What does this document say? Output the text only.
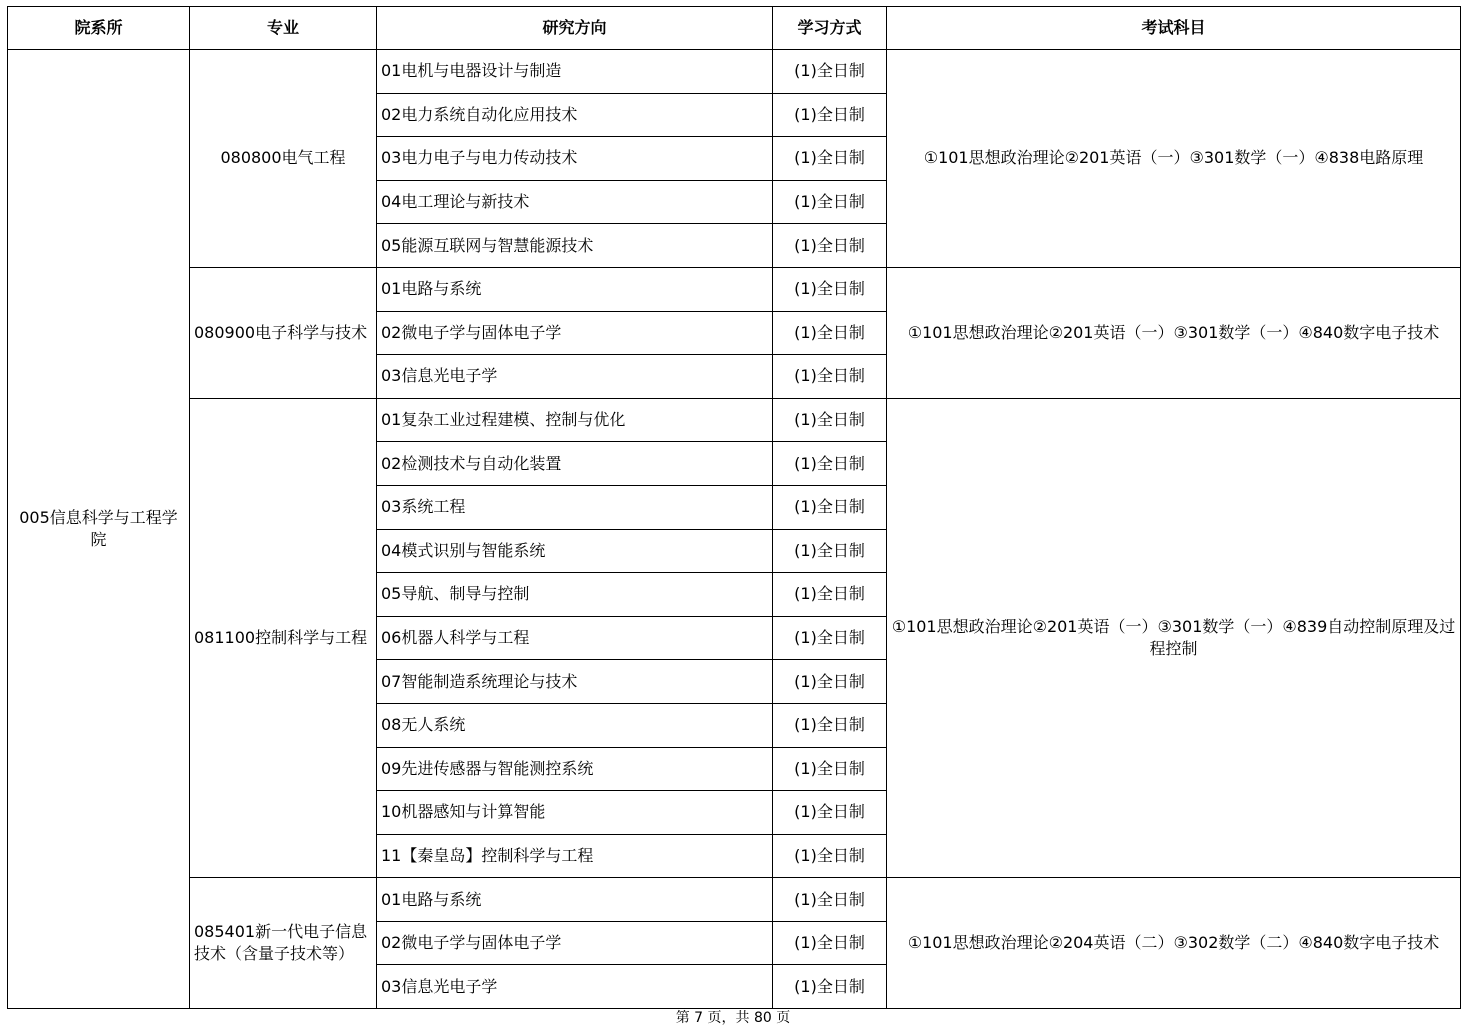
院系所	专业	研究方向	学习方式	考试科目
005信息科学与工程学院	080800电气工程	01电机与电器设计与制造	(1)全日制	①101思想政治理论②201英语（一）③301数学（一）④838电路原理
		02电力系统自动化应用技术	(1)全日制	
		03电力电子与电力传动技术	(1)全日制	
		04电工理论与新技术	(1)全日制	
		05能源互联网与智慧能源技术	(1)全日制	
	080900电子科学与技术	01电路与系统	(1)全日制	①101思想政治理论②201英语（一）③301数学（一）④840数字电子技术
		02微电子学与固体电子学	(1)全日制	
		03信息光电子学	(1)全日制	
	081100控制科学与工程	01复杂工业过程建模、控制与优化	(1)全日制	①101思想政治理论②201英语（一）③301数学（一）④839自动控制原理及过程控制
		02检测技术与自动化装置	(1)全日制	
		03系统工程	(1)全日制	
		04模式识别与智能系统	(1)全日制	
		05导航、制导与控制	(1)全日制	
		06机器人科学与工程	(1)全日制	
		07智能制造系统理论与技术	(1)全日制	
		08无人系统	(1)全日制	
		09先进传感器与智能测控系统	(1)全日制	
		10机器感知与计算智能	(1)全日制	
		11【秦皇岛】控制科学与工程	(1)全日制	
	085401新一代电子信息技术（含量子技术等）	01电路与系统	(1)全日制	①101思想政治理论②204英语（二）③302数学（二）④840数字电子技术
		02微电子学与固体电子学	(1)全日制	
		03信息光电子学	(1)全日制	
第 7 页，共 80 页
